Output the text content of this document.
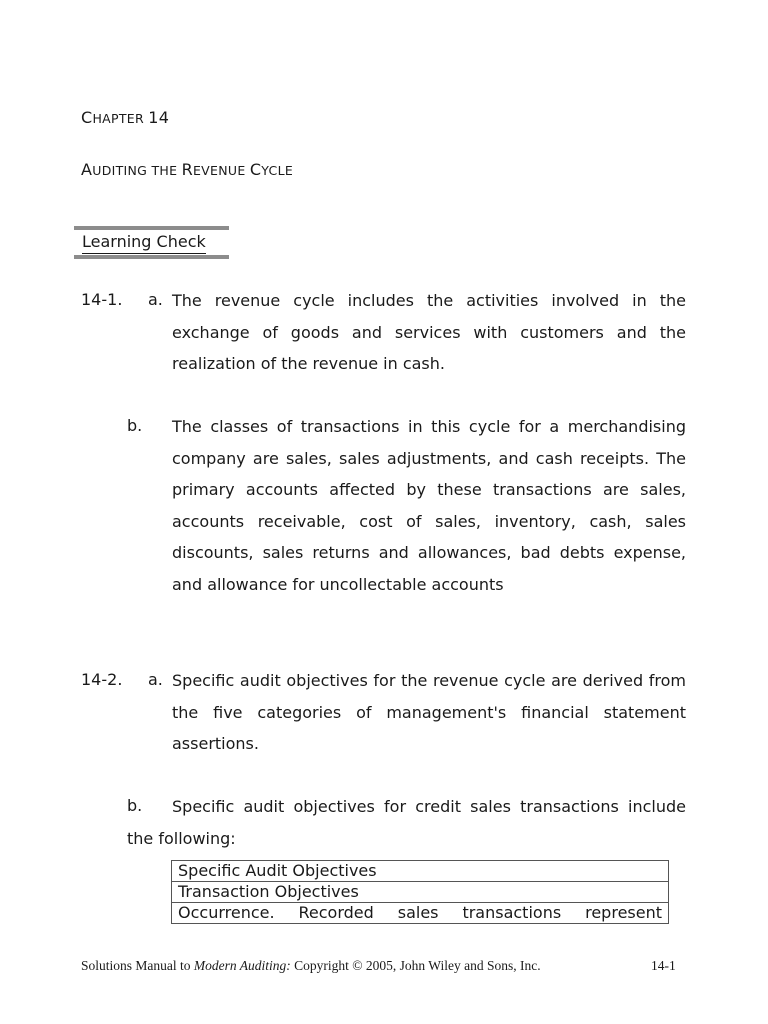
CHAPTER 14
AUDITING THE REVENUE CYCLE
Learning Check
14-1. a. The revenue cycle includes the activities involved in the exchange of goods and services with customers and the realization of the revenue in cash.
b. The classes of transactions in this cycle for a merchandising company are sales, sales adjustments, and cash receipts. The primary accounts affected by these transactions are sales, accounts receivable, cost of sales, inventory, cash, sales discounts, sales returns and allowances, bad debts expense, and allowance for uncollectable accounts
14-2. a. Specific audit objectives for the revenue cycle are derived from the five categories of management's financial statement assertions.
b.	Specific audit objectives for credit sales transactions include the following:
Specific Audit Objectives
Transaction Objectives
Occurrence. Recorded sales transactions represent
Solutions Manual to Modern Auditing: Copyright © 2005, John Wiley and Sons, Inc.	14-1
